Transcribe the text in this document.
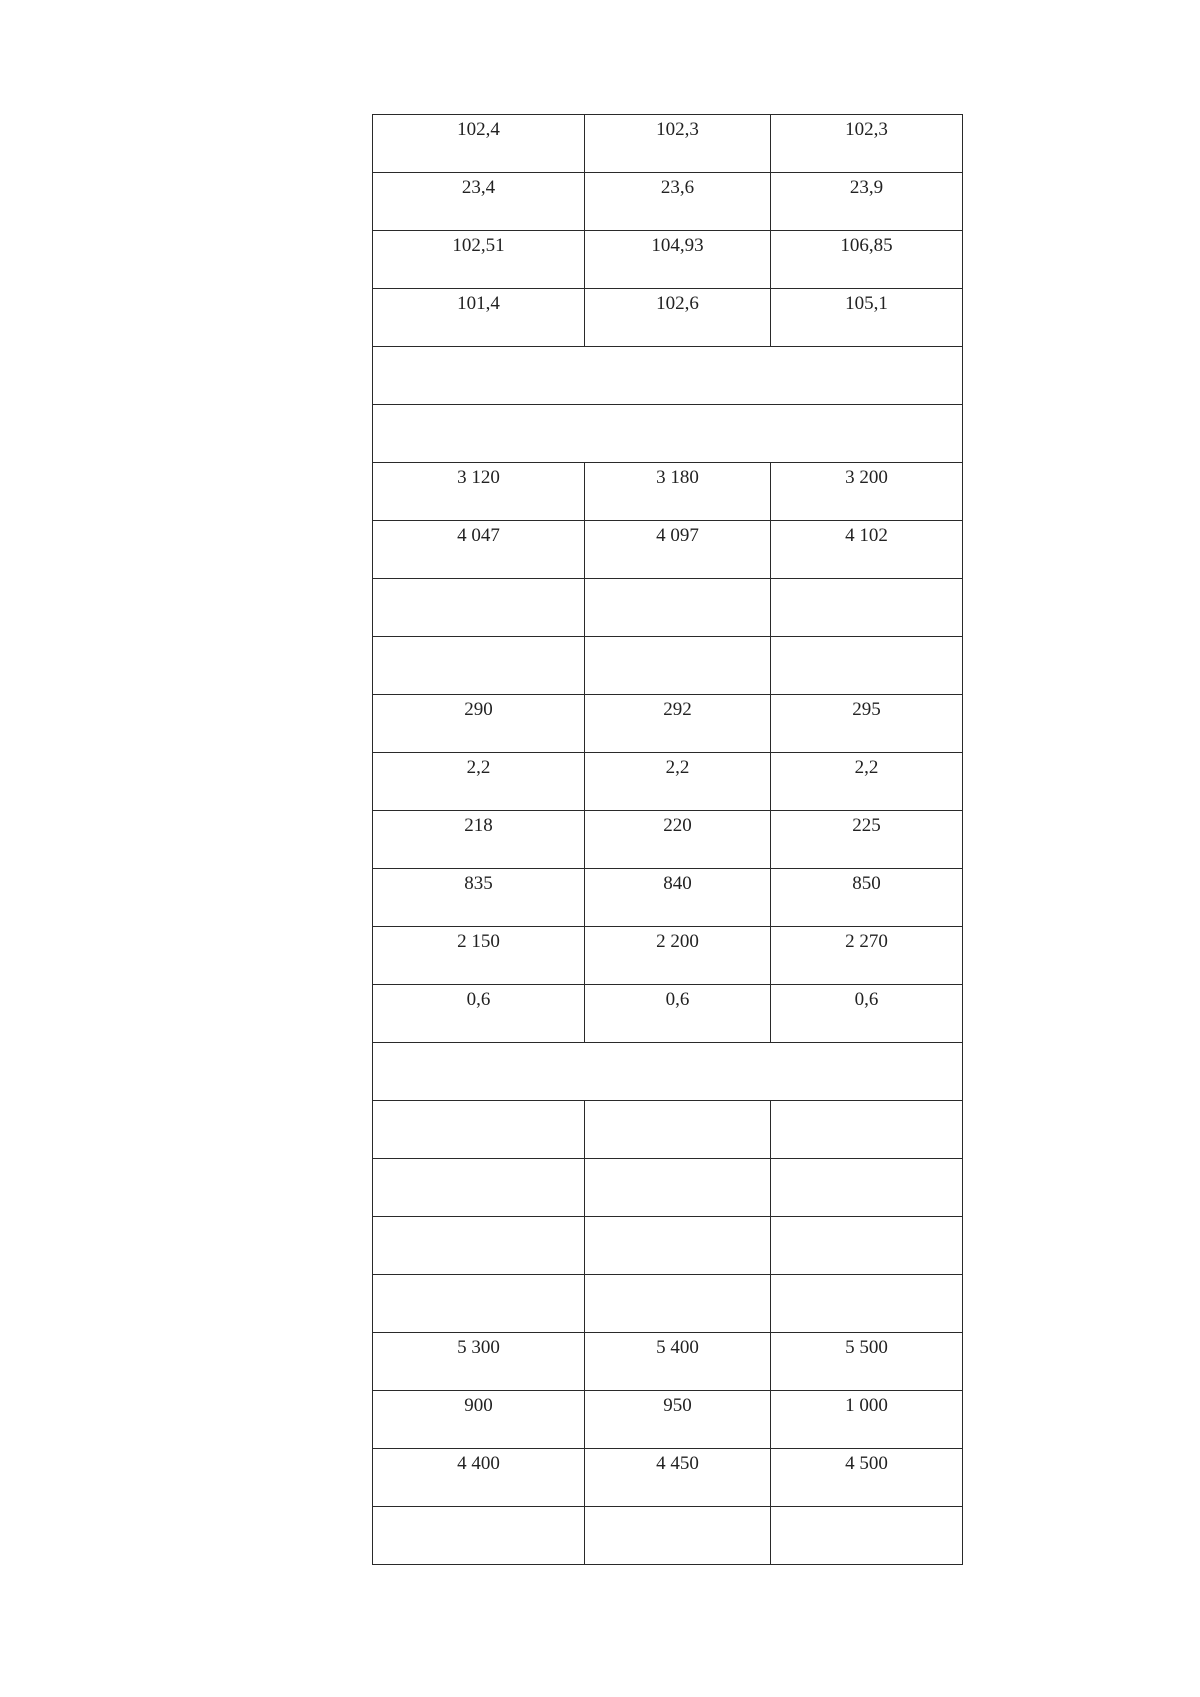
102,4	102,3	102,3
23,4	23,6	23,9
102,51	104,93	106,85
101,4	102,6	105,1

3 120	3 180	3 200
4 047	4 097	4 102

290	292	295
2,2	2,2	2,2
218	220	225
835	840	850
2 150	2 200	2 270
0,6	0,6	0,6

5 300	5 400	5 500
900	950	1 000
4 400	4 450	4 500
